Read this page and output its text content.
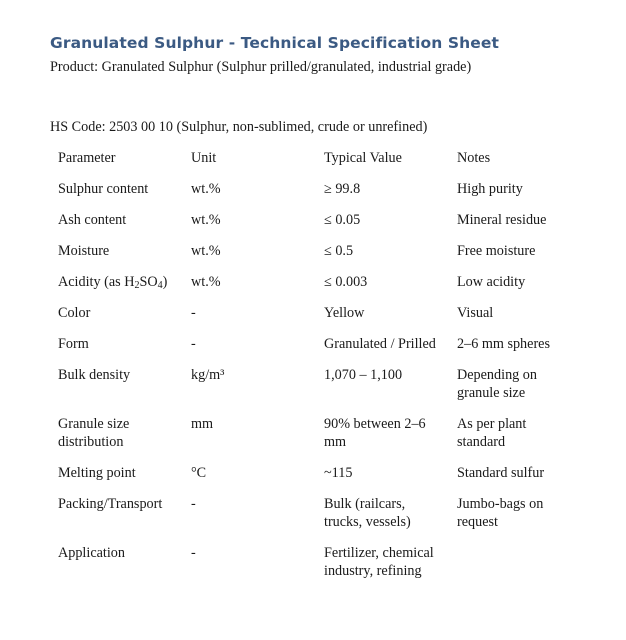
Granulated Sulphur - Technical Specification Sheet
Product: Granulated Sulphur (Sulphur prilled/granulated, industrial grade)
HS Code: 2503 00 10 (Sulphur, non-sublimed, crude or unrefined)
Parameter	Unit	Typical Value	Notes
Sulphur content	wt.%	≥ 99.8	High purity
Ash content	wt.%	≤ 0.05	Mineral residue
Moisture	wt.%	≤ 0.5	Free moisture
Acidity (as $H_2SO_4$)	wt.%	≤ 0.003	Low acidity
Color	-	Yellow	Visual
Form	-	Granulated / Prilled	2–6 mm spheres
Bulk density	kg/m³	1,070 – 1,100	Depending on granule size
Granule size distribution	mm	90% between 2–6 mm	As per plant standard
Melting point	°C	~115	Standard sulfur
Packing/Transport	-	Bulk (railcars, trucks, vessels)	Jumbo-bags on request
Application	-	Fertilizer, chemical industry, refining	
